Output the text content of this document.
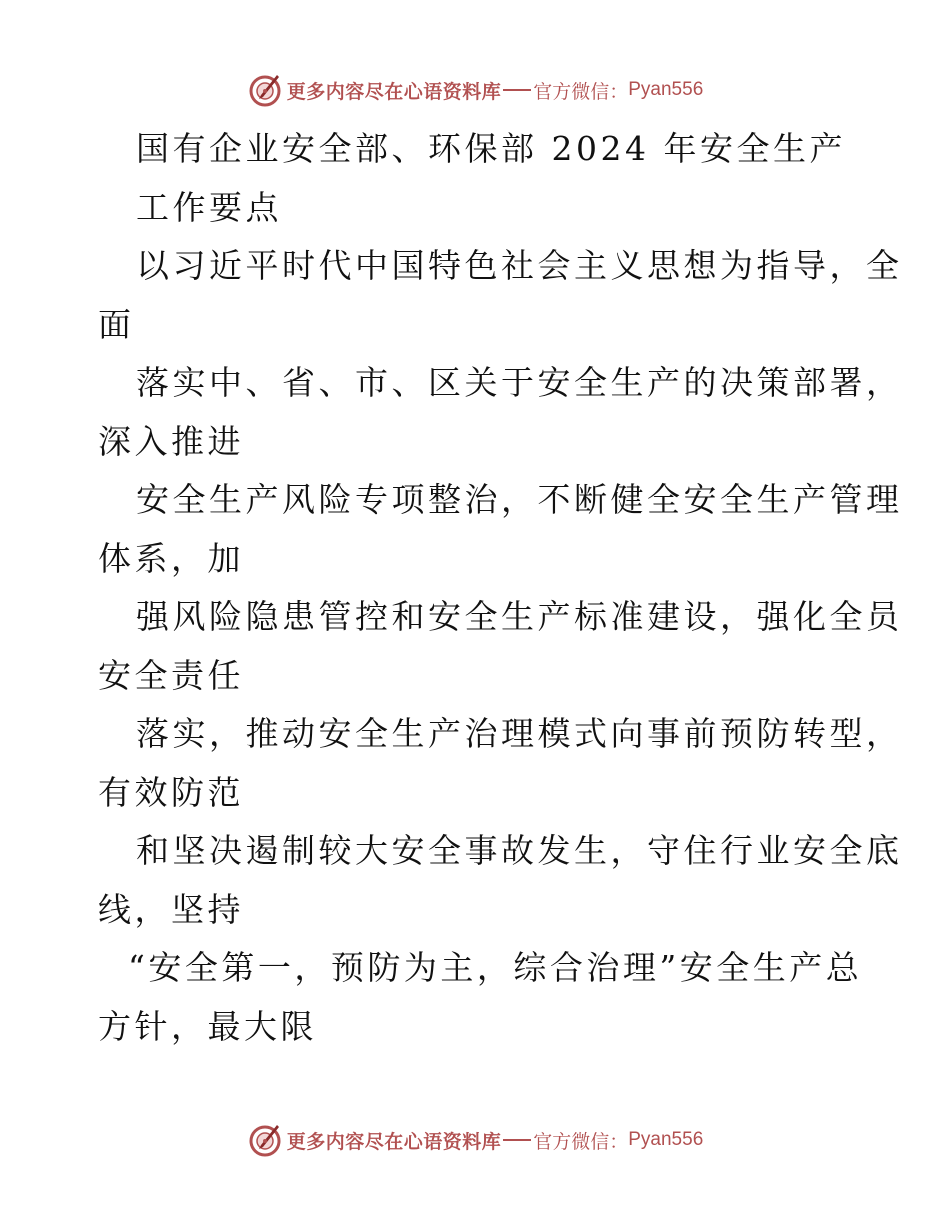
更多内容尽在心语资料库 官方微信： Pyan556
国有企业安全部、环保部 2024 年安全生产
工作要点
以习近平时代中国特色社会主义思想为指导，全
面
落实中、省、市、区关于安全生产的决策部署，
深入推进
安全生产风险专项整治，不断健全安全生产管理
体系，加
强风险隐患管控和安全生产标准建设，强化全员
安全责任
落实，推动安全生产治理模式向事前预防转型，
有效防范
和坚决遏制较大安全事故发生，守住行业安全底
线，坚持
“安全第一，预防为主，综合治理”安全生产总
方针，最大限
更多内容尽在心语资料库 官方微信： Pyan556
